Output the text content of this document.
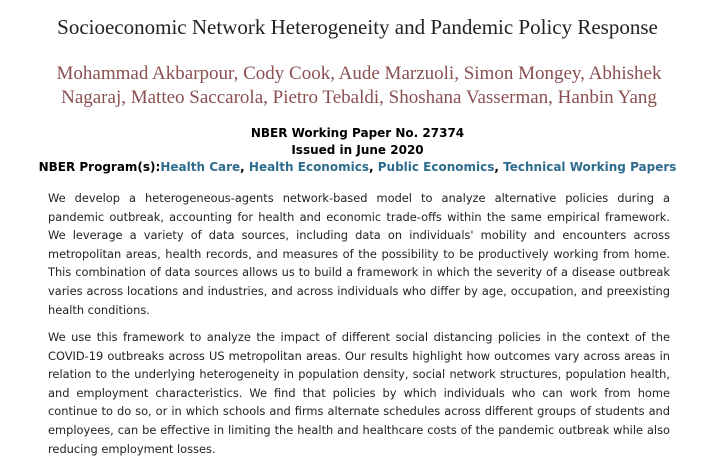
Socioeconomic Network Heterogeneity and Pandemic Policy Response
Mohammad Akbarpour, Cody Cook, Aude Marzuoli, Simon Mongey, Abhishek Nagaraj, Matteo Saccarola, Pietro Tebaldi, Shoshana Vasserman, Hanbin Yang
NBER Working Paper No. 27374
Issued in June 2020
NBER Program(s):Health Care, Health Economics, Public Economics, Technical Working Papers

We develop a heterogeneous-agents network-based model to analyze alternative policies during a pandemic outbreak, accounting for health and economic trade-offs within the same empirical framework. We leverage a variety of data sources, including data on individuals' mobility and encounters across metropolitan areas, health records, and measures of the possibility to be productively working from home. This combination of data sources allows us to build a framework in which the severity of a disease outbreak varies across locations and industries, and across individuals who differ by age, occupation, and preexisting health conditions.

We use this framework to analyze the impact of different social distancing policies in the context of the COVID-19 outbreaks across US metropolitan areas. Our results highlight how outcomes vary across areas in relation to the underlying heterogeneity in population density, social network structures, population health, and employment characteristics. We find that policies by which individuals who can work from home continue to do so, or in which schools and firms alternate schedules across different groups of students and employees, can be effective in limiting the health and healthcare costs of the pandemic outbreak while also reducing employment losses.
